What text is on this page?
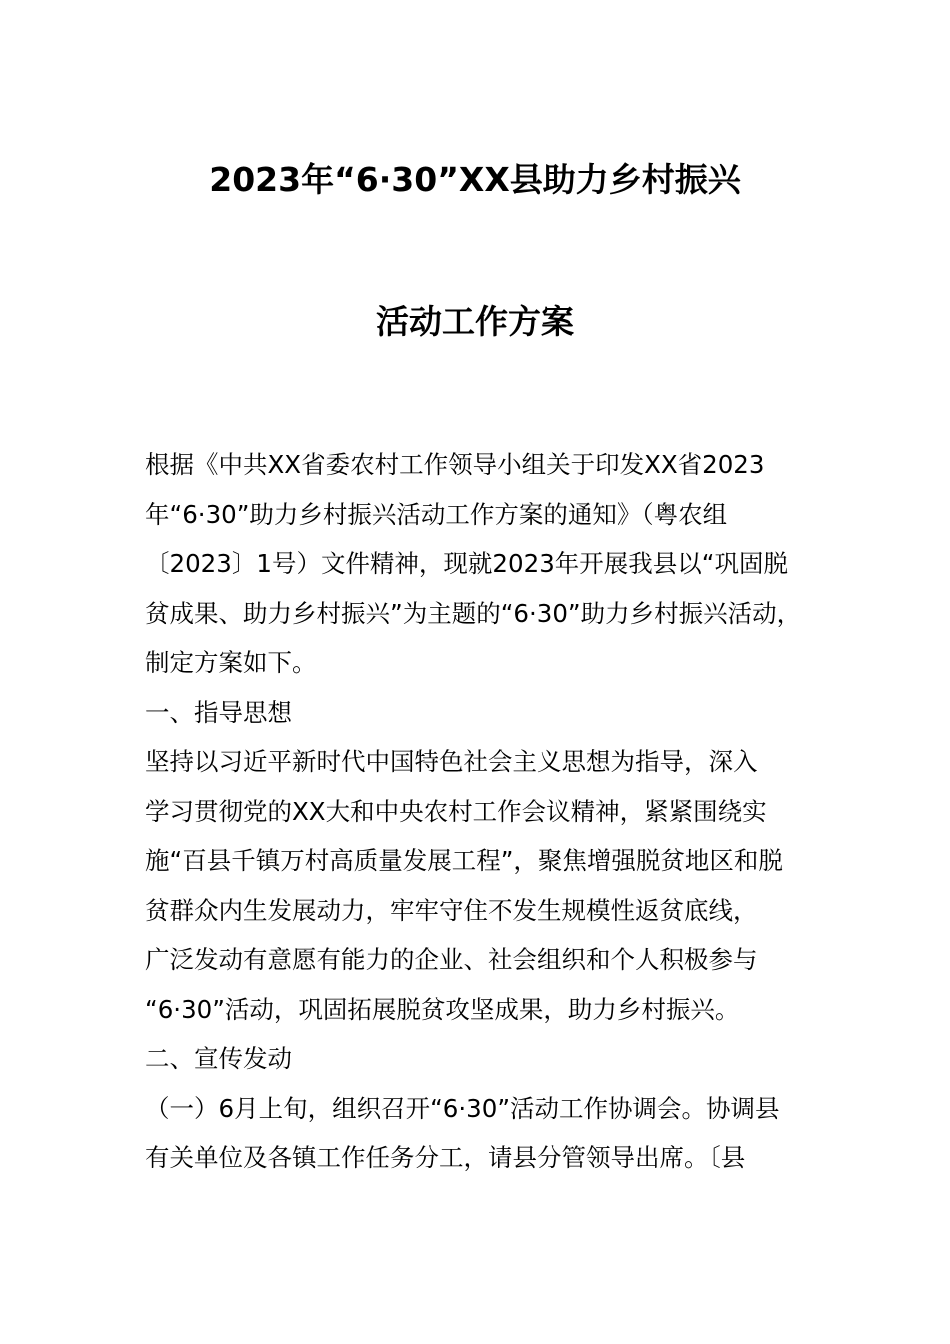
2023年“6·30”XX县助力乡村振兴
活动工作方案
根据《中共XX省委农村工作领导小组关于印发XX省2023
年“6·30”助力乡村振兴活动工作方案的通知》（粤农组
〔2023〕1号）文件精神，现就2023年开展我县以“巩固脱
贫成果、助力乡村振兴”为主题的“6·30”助力乡村振兴活动，
制定方案如下。
一、指导思想
坚持以习近平新时代中国特色社会主义思想为指导，深入
学习贯彻党的XX大和中央农村工作会议精神，紧紧围绕实
施“百县千镇万村高质量发展工程”，聚焦增强脱贫地区和脱
贫群众内生发展动力，牢牢守住不发生规模性返贫底线，
广泛发动有意愿有能力的企业、社会组织和个人积极参与
“6·30”活动，巩固拓展脱贫攻坚成果，助力乡村振兴。
二、宣传发动
（一）6月上旬，组织召开“6·30”活动工作协调会。协调县
有关单位及各镇工作任务分工，请县分管领导出席。〔县
